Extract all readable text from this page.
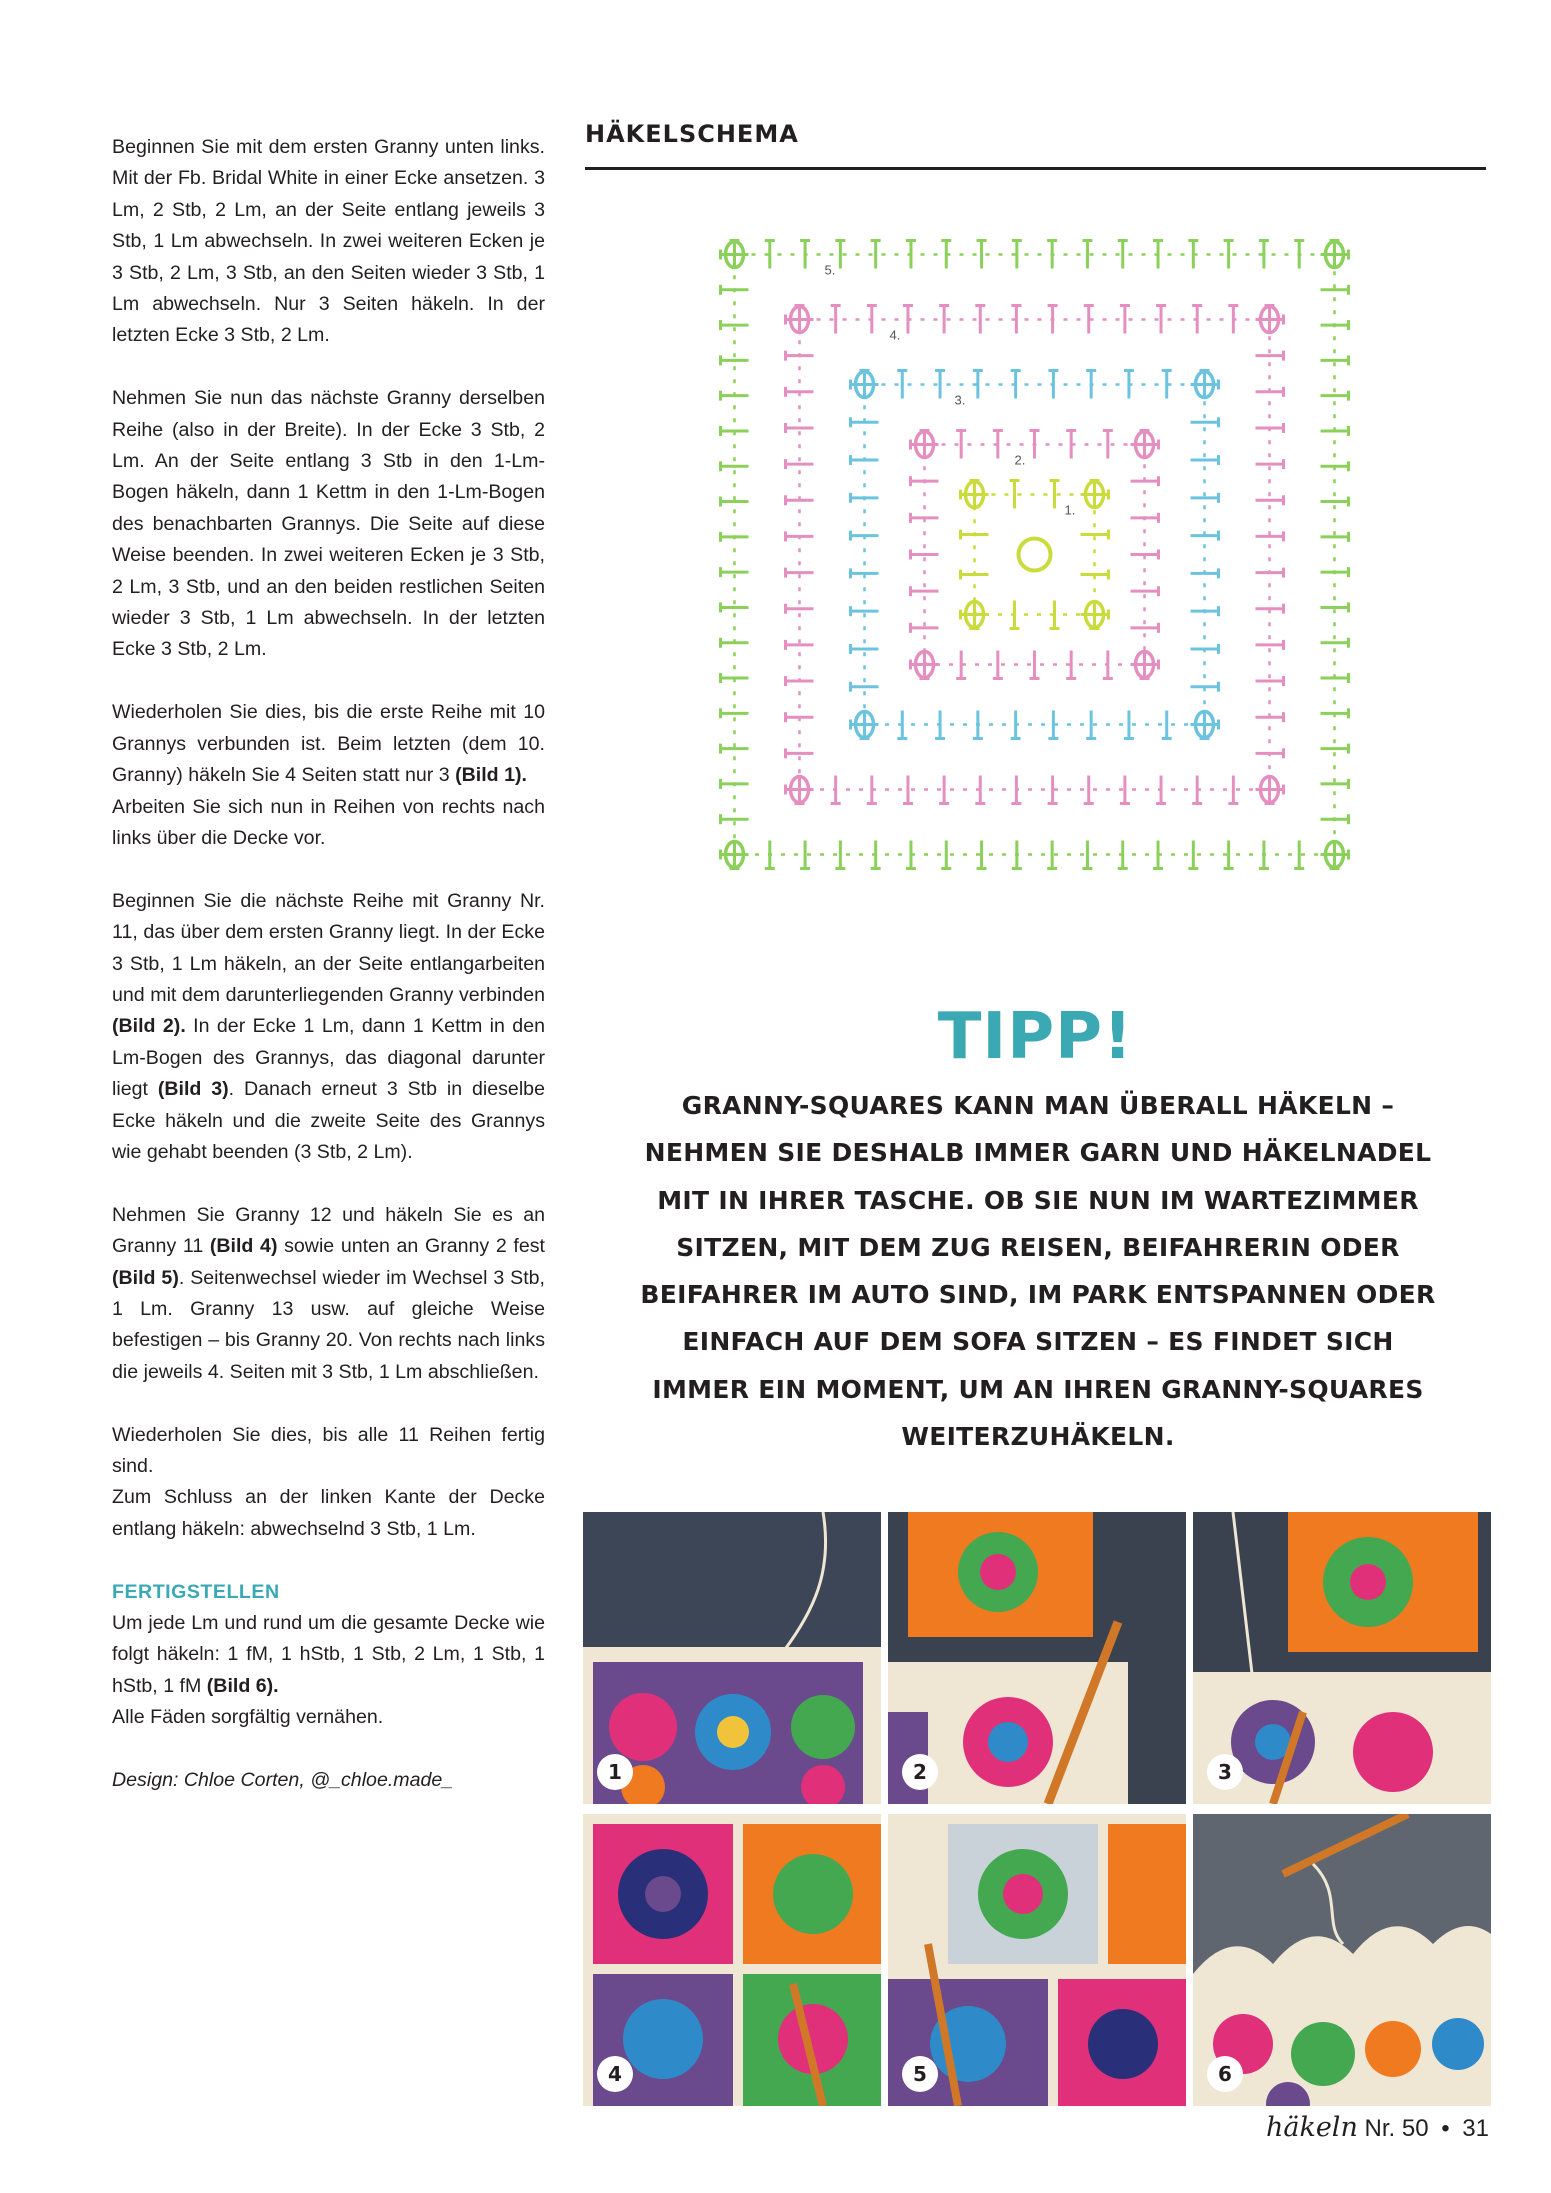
Beginnen Sie mit dem ersten Granny unten links. Mit der Fb. Bridal White in einer Ecke ansetzen. 3 Lm, 2 Stb, 2 Lm, an der Seite entlang jeweils 3 Stb, 1 Lm abwechseln. In zwei weiteren Ecken je 3 Stb, 2 Lm, 3 Stb, an den Seiten wieder 3 Stb, 1 Lm abwechseln. Nur 3 Seiten häkeln. In der letzten Ecke 3 Stb, 2 Lm.

Nehmen Sie nun das nächste Granny derselben Reihe (also in der Breite). In der Ecke 3 Stb, 2 Lm. An der Seite entlang 3 Stb in den 1-Lm-Bogen häkeln, dann 1 Kettm in den 1-Lm-Bogen des benachbarten Grannys. Die Seite auf diese Weise beenden. In zwei weiteren Ecken je 3 Stb, 2 Lm, 3 Stb, und an den beiden restlichen Seiten wieder 3 Stb, 1 Lm abwechseln. In der letzten Ecke 3 Stb, 2 Lm.

Wiederholen Sie dies, bis die erste Reihe mit 10 Grannys verbunden ist. Beim letzten (dem 10. Granny) häkeln Sie 4 Seiten statt nur 3 (Bild 1).

Arbeiten Sie sich nun in Reihen von rechts nach links über die Decke vor.

Beginnen Sie die nächste Reihe mit Granny Nr. 11, das über dem ersten Granny liegt. In der Ecke 3 Stb, 1 Lm häkeln, an der Seite entlangarbeiten und mit dem darunterliegenden Granny verbinden (Bild 2). In der Ecke 1 Lm, dann 1 Kettm in den Lm-Bogen des Grannys, das diagonal darunter liegt (Bild 3). Danach erneut 3 Stb in dieselbe Ecke häkeln und die zweite Seite des Grannys wie gehabt beenden (3 Stb, 2 Lm).

Nehmen Sie Granny 12 und häkeln Sie es an Granny 11 (Bild 4) sowie unten an Granny 2 fest (Bild 5). Seitenwechsel wieder im Wechsel 3 Stb, 1 Lm. Granny 13 usw. auf gleiche Weise befestigen – bis Granny 20. Von rechts nach links die jeweils 4. Seiten mit 3 Stb, 1 Lm abschließen.

Wiederholen Sie dies, bis alle 11 Reihen fertig sind.

Zum Schluss an der linken Kante der Decke entlang häkeln: abwechselnd 3 Stb, 1 Lm.

FERTIGSTELLEN

Um jede Lm und rund um die gesamte Decke wie folgt häkeln: 1 fM, 1 hStb, 1 Stb, 2 Lm, 1 Stb, 1 hStb, 1 fM (Bild 6).

Alle Fäden sorgfältig vernähen.

Design: Chloe Corten, @_chloe.made_

HÄKELSCHEMA
1.
2.
3.
4.
5.
TIPP!
GRANNY-SQUARES KANN MAN ÜBERALL HÄKELN – NEHMEN SIE DESHALB IMMER GARN UND HÄKELNADEL MIT IN IHRER TASCHE. OB SIE NUN IM WARTEZIMMER SITZEN, MIT DEM ZUG REISEN, BEIFAHRERIN ODER BEIFAHRER IM AUTO SIND, IM PARK ENTSPANNEN ODER EINFACH AUF DEM SOFA SITZEN – ES FINDET SICH IMMER EIN MOMENT, UM AN IHREN GRANNY-SQUARES WEITERZUHÄKELN.
1	2	3
4	5	6
häkeln Nr. 50 • 31
